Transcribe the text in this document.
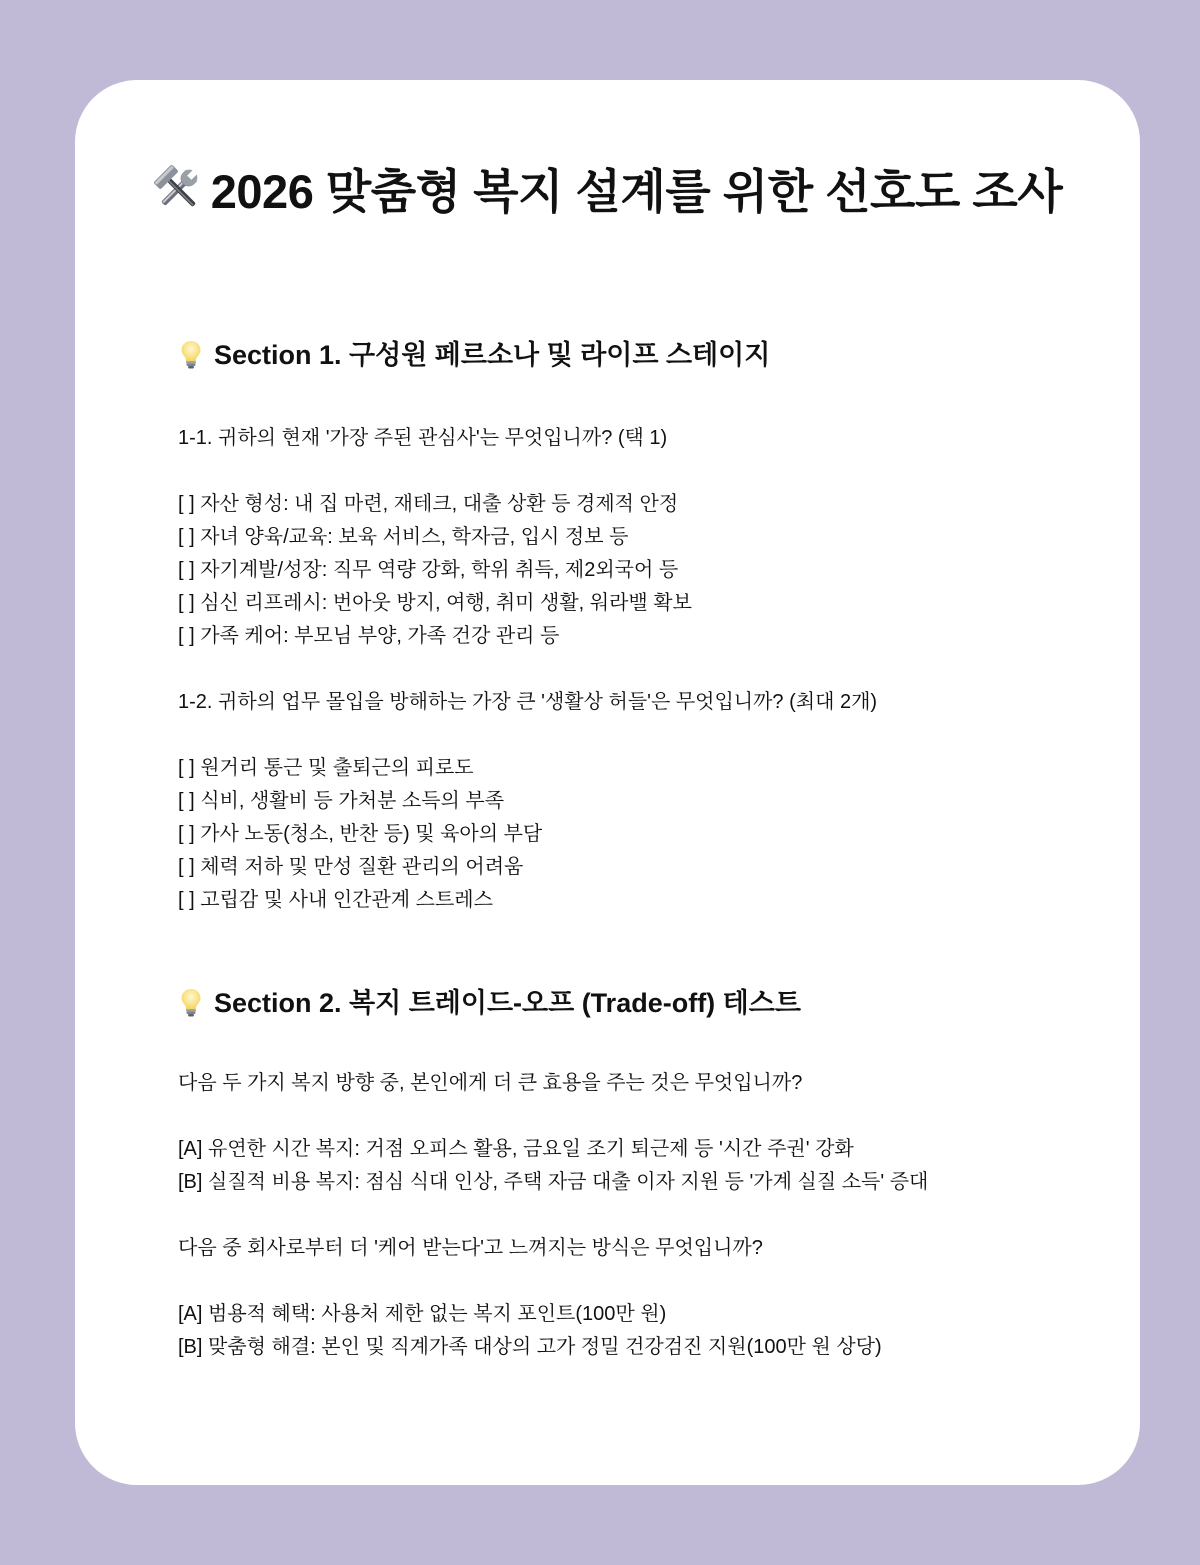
2026 맞춤형 복지 설계를 위한 선호도 조사
Section 1. 구성원 페르소나 및 라이프 스테이지
1-1. 귀하의 현재 '가장 주된 관심사'는 무엇입니까? (택 1)
[ ] 자산 형성: 내 집 마련, 재테크, 대출 상환 등 경제적 안정
[ ] 자녀 양육/교육: 보육 서비스, 학자금, 입시 정보 등
[ ] 자기계발/성장: 직무 역량 강화, 학위 취득, 제2외국어 등
[ ] 심신 리프레시: 번아웃 방지, 여행, 취미 생활, 워라밸 확보
[ ] 가족 케어: 부모님 부양, 가족 건강 관리 등
1-2. 귀하의 업무 몰입을 방해하는 가장 큰 '생활상 허들'은 무엇입니까? (최대 2개)
[ ] 원거리 통근 및 출퇴근의 피로도
[ ] 식비, 생활비 등 가처분 소득의 부족
[ ] 가사 노동(청소, 반찬 등) 및 육아의 부담
[ ] 체력 저하 및 만성 질환 관리의 어려움
[ ] 고립감 및 사내 인간관계 스트레스
Section 2. 복지 트레이드-오프 (Trade-off) 테스트
다음 두 가지 복지 방향 중, 본인에게 더 큰 효용을 주는 것은 무엇입니까?
[A] 유연한 시간 복지: 거점 오피스 활용, 금요일 조기 퇴근제 등 '시간 주권' 강화
[B] 실질적 비용 복지: 점심 식대 인상, 주택 자금 대출 이자 지원 등 '가계 실질 소득' 증대
다음 중 회사로부터 더 '케어 받는다'고 느껴지는 방식은 무엇입니까?
[A] 범용적 혜택: 사용처 제한 없는 복지 포인트(100만 원)
[B] 맞춤형 해결: 본인 및 직계가족 대상의 고가 정밀 건강검진 지원(100만 원 상당)
